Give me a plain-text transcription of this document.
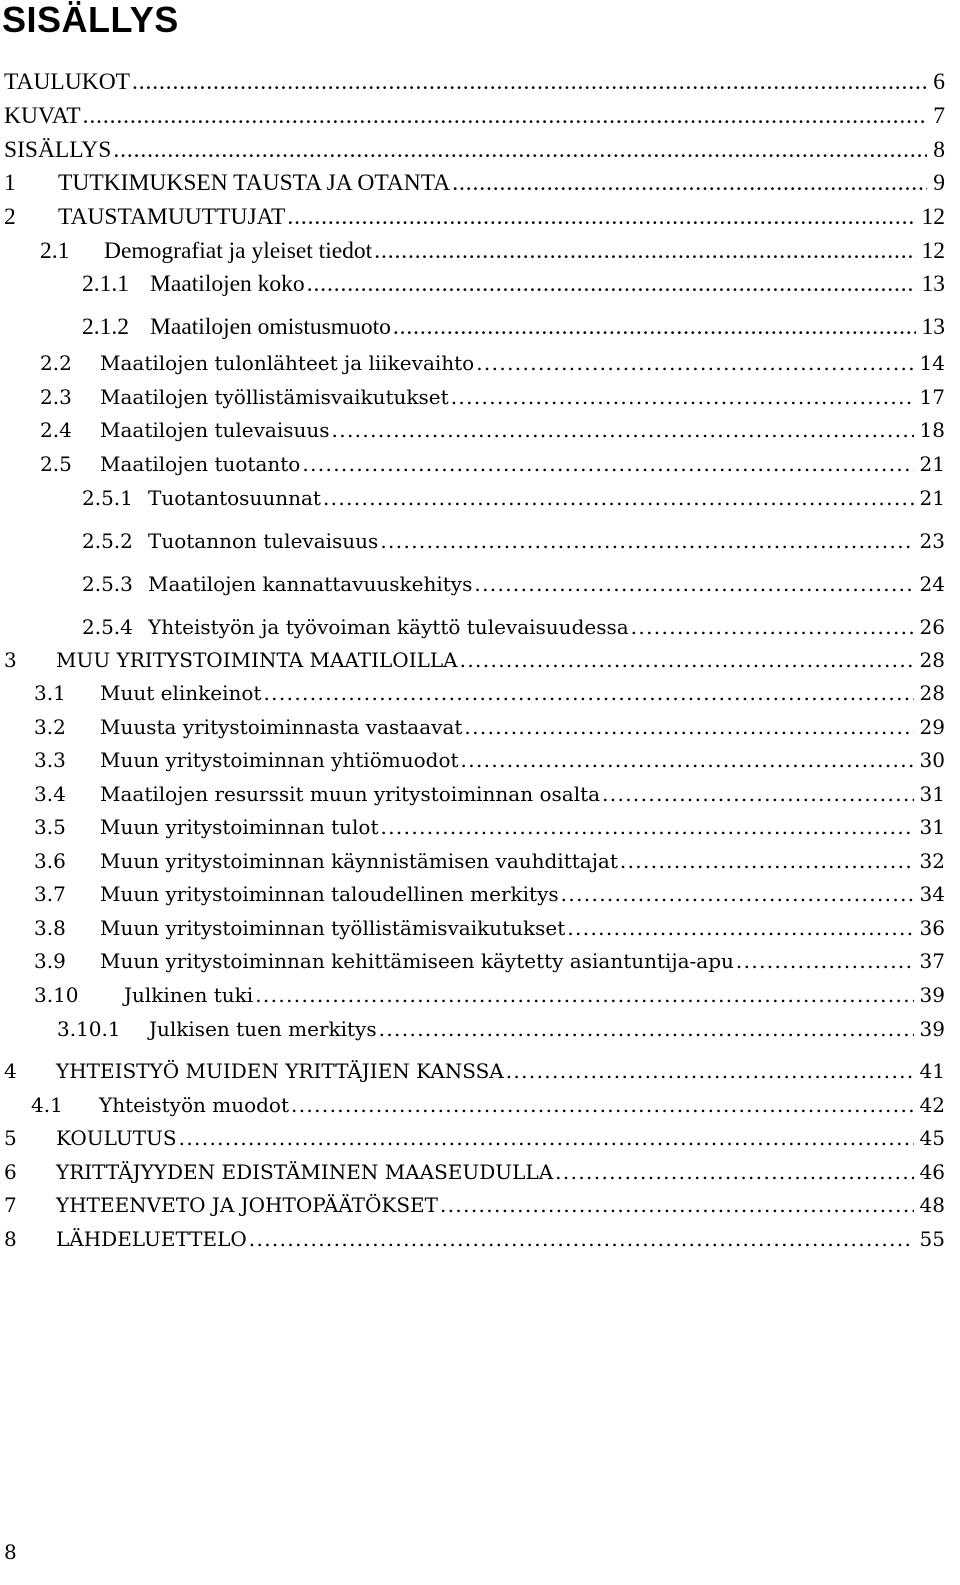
SISÄLLYS
TAULUKOT . . .	6
KUVAT . . .	7
SISÄLLYS . . .	8
1	TUTKIMUKSEN TAUSTA JA OTANTA . . .	9
2	TAUSTAMUUTTUJAT . . .	12
2.1	Demografiat ja yleiset tiedot . . .	12
2.1.1 Maatilojen koko . . .	13
2.1.2 Maatilojen omistusmuoto . . .	13
2.2	Maatilojen tulonlähteet ja liikevaihto . . .	14
2.3	Maatilojen työllistämisvaikutukset . . .	17
2.4	Maatilojen tulevaisuus . . .	18
2.5	Maatilojen tuotanto . . .	21
2.5.1 Tuotantosuunnat . . .	21
2.5.2 Tuotannon tulevaisuus . . .	23
2.5.3 Maatilojen kannattavuuskehitys . . .	24
2.5.4 Yhteistyön ja työvoiman käyttö tulevaisuudessa . . .	26
3	MUU YRITYSTOIMINTA MAATILOILLA . . .	28
3.1	Muut elinkeinot . . .	28
3.2	Muusta yritystoiminnasta vastaavat . . .	29
3.3	Muun yritystoiminnan yhtiömuodot . . .	30
3.4	Maatilojen resurssit muun yritystoiminnan osalta . . .	31
3.5	Muun yritystoiminnan tulot . . .	31
3.6	Muun yritystoiminnan käynnistämisen vauhdittajat . . .	32
3.7	Muun yritystoiminnan taloudellinen merkitys . . .	34
3.8	Muun yritystoiminnan työllistämisvaikutukset . . .	36
3.9	Muun yritystoiminnan kehittämiseen käytetty asiantuntija-apu . . .	37
3.10	Julkinen tuki . . .	39
3.10.1	Julkisen tuen merkitys . . .	39
4	YHTEISTYÖ MUIDEN YRITTÄJIEN KANSSA . . .	41
4.1	Yhteistyön muodot . . .	42
5	KOULUTUS . . .	45
6	YRITTÄJYYDEN EDISTÄMINEN MAASEUDULLA . . .	46
7	YHTEENVETO JA JOHTOPÄÄTÖKSET . . .	48
8	LÄHDELUETTELO . . .	55
8
